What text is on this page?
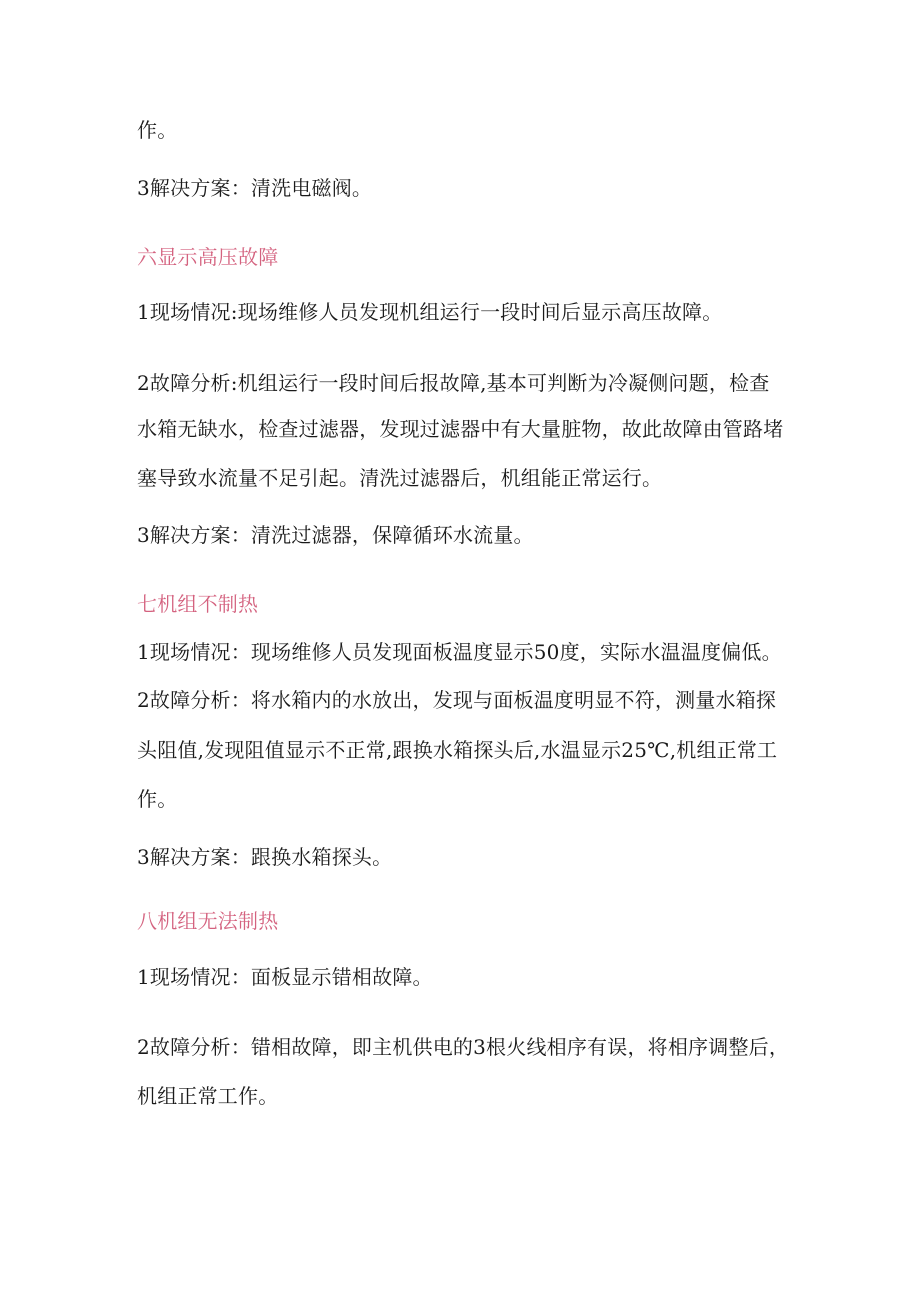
作。
3解决方案：清洗电磁阀。
六显示高压故障
1现场情况:现场维修人员发现机组运行一段时间后显示高压故障。
2故障分析:机组运行一段时间后报故障,基本可判断为冷凝侧问题，检查
水箱无缺水，检查过滤器，发现过滤器中有大量脏物，故此故障由管路堵
塞导致水流量不足引起。清洗过滤器后，机组能正常运行。
3解决方案：清洗过滤器，保障循环水流量。
七机组不制热
1现场情况：现场维修人员发现面板温度显示50度，实际水温温度偏低。
2故障分析：将水箱内的水放出，发现与面板温度明显不符，测量水箱探
头阻值,发现阻值显示不正常,跟换水箱探头后,水温显示25℃,机组正常工
作。
3解决方案：跟换水箱探头。
八机组无法制热
1现场情况：面板显示错相故障。
2故障分析：错相故障，即主机供电的3根火线相序有误，将相序调整后，
机组正常工作。
